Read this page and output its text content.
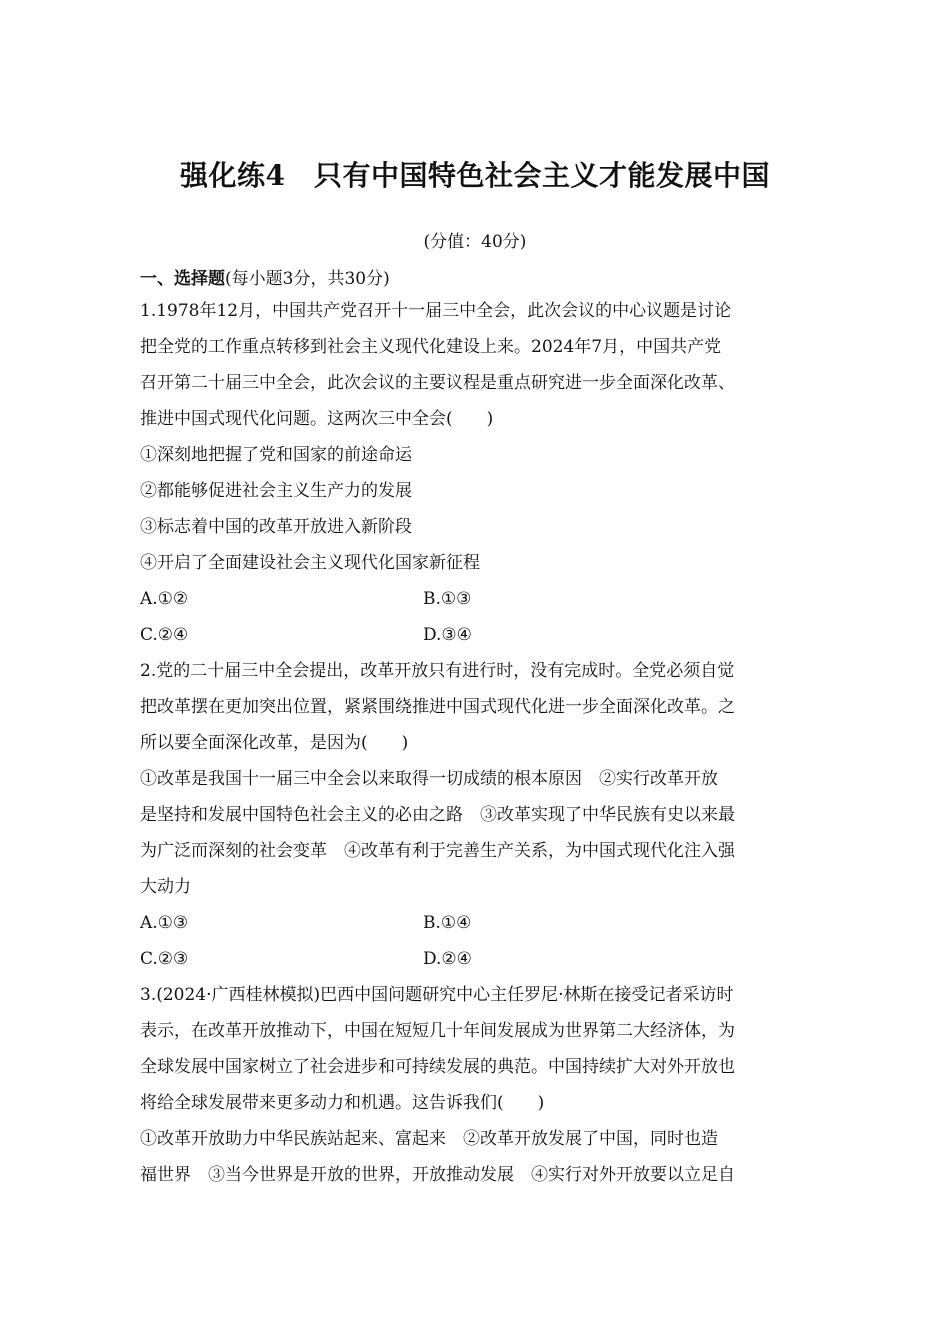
强化练4　只有中国特色社会主义才能发展中国

(分值：40分)

一、选择题(每小题3分，共30分)
1.1978年12月，中国共产党召开十一届三中全会，此次会议的中心议题是讨论
把全党的工作重点转移到社会主义现代化建设上来。2024年7月，中国共产党
召开第二十届三中全会，此次会议的主要议程是重点研究进一步全面深化改革、
推进中国式现代化问题。这两次三中全会(　　)
①深刻地把握了党和国家的前途命运
②都能够促进社会主义生产力的发展
③标志着中国的改革开放进入新阶段
④开启了全面建设社会主义现代化国家新征程
A.①②	B.①③
C.②④	D.③④
2.党的二十届三中全会提出，改革开放只有进行时，没有完成时。全党必须自觉
把改革摆在更加突出位置，紧紧围绕推进中国式现代化进一步全面深化改革。之
所以要全面深化改革，是因为(　　)
①改革是我国十一届三中全会以来取得一切成绩的根本原因　②实行改革开放
是坚持和发展中国特色社会主义的必由之路　③改革实现了中华民族有史以来最
为广泛而深刻的社会变革　④改革有利于完善生产关系，为中国式现代化注入强
大动力
A.①③	B.①④
C.②③	D.②④
3.(2024·广西桂林模拟)巴西中国问题研究中心主任罗尼·林斯在接受记者采访时
表示，在改革开放推动下，中国在短短几十年间发展成为世界第二大经济体，为
全球发展中国家树立了社会进步和可持续发展的典范。中国持续扩大对外开放也
将给全球发展带来更多动力和机遇。这告诉我们(　　)
①改革开放助力中华民族站起来、富起来　②改革开放发展了中国，同时也造
福世界　③当今世界是开放的世界，开放推动发展　④实行对外开放要以立足自
